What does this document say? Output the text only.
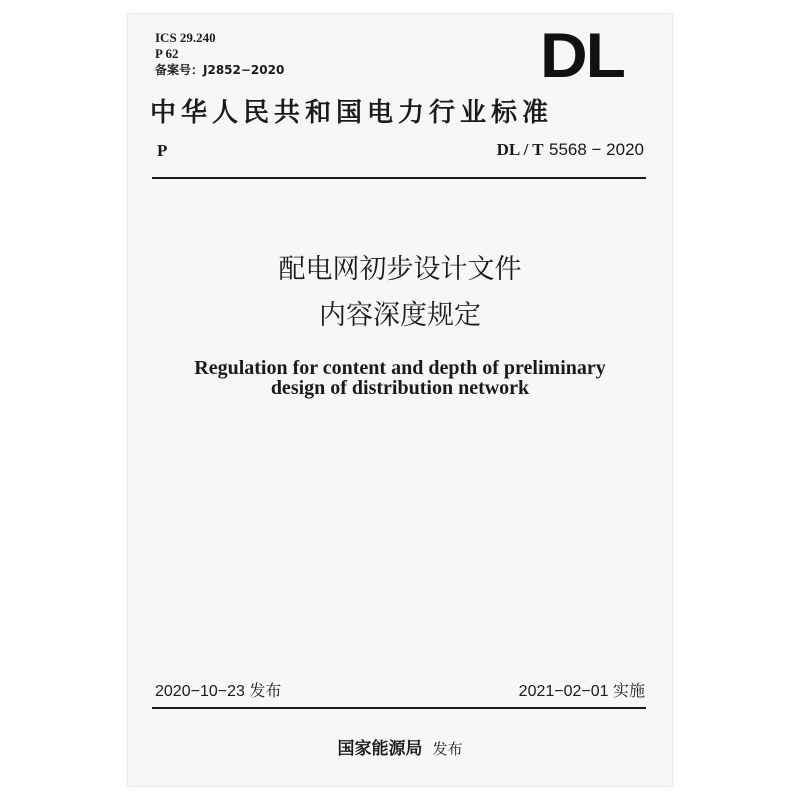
ICS 29.240
P 62
备案号：J2852−2020	DL
中华人民共和国电力行业标准
P	DL / T 5568 − 2020
配电网初步设计文件
内容深度规定
Regulation for content and depth of preliminary
design of distribution network
2020−10−23 发布	2021−02−01 实施
国家能源局 发布
